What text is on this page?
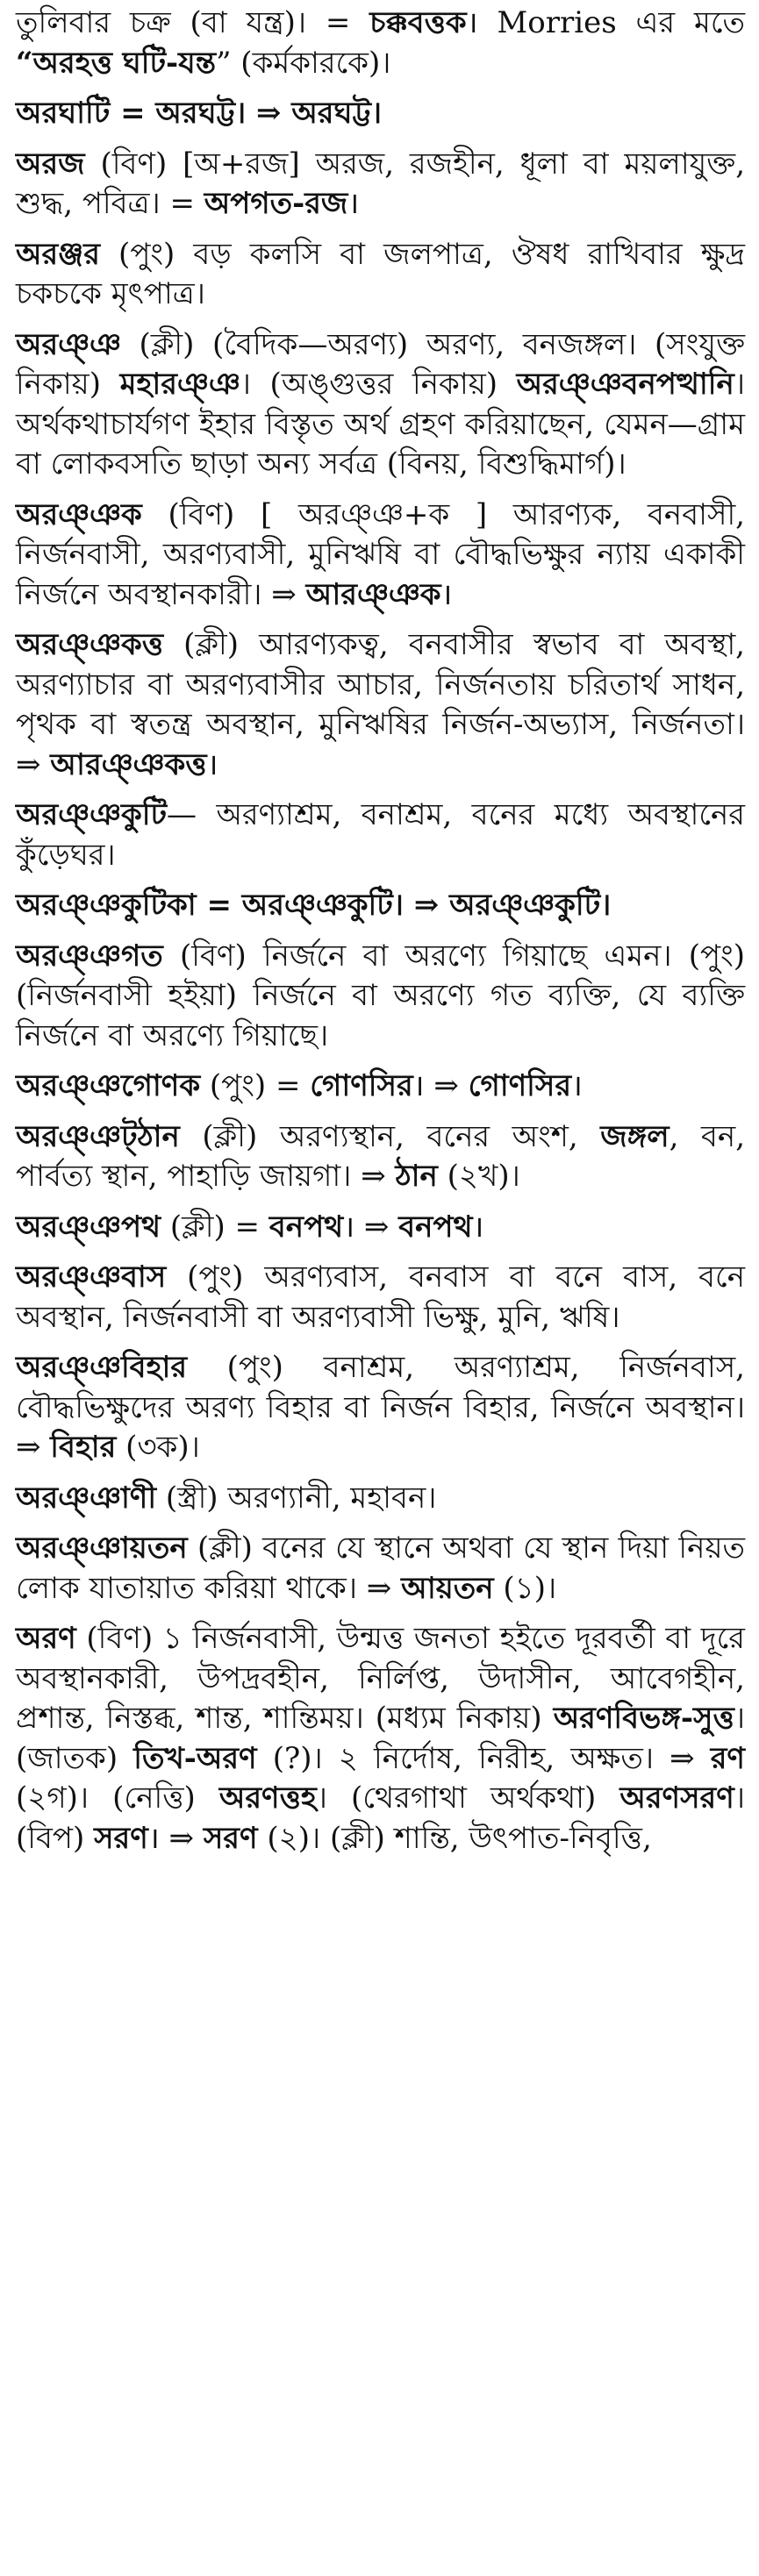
তুলিবার চক্র (বা যন্ত্র)। = চক্কবত্তক। Morries এর মতে “অরহত্ত ঘটি-যন্ত” (কর্মকারকে)।
অরঘাটি = অরঘট্ট। ⇒ অরঘট্ট।
অরজ (বিণ) [অ+রজ] অরজ, রজহীন, ধূলা বা ময়লাযুক্ত, শুদ্ধ, পবিত্র। = অপগত-রজ।
অরঞ্জর (পুং) বড় কলসি বা জলপাত্র, ঔষধ রাখিবার ক্ষুদ্র চকচকে মৃৎপাত্র।
অরঞ্ঞ (ক্লী) (বৈদিক—অরণ্য) অরণ্য, বনজঙ্গল। (সংযুক্ত নিকায়) মহারঞ্ঞ। (অঙ্গুত্তর নিকায়) অরঞ্ঞবনপত্থানি। অর্থকথাচার্যগণ ইহার বিস্তৃত অর্থ গ্রহণ করিয়াছেন, যেমন—গ্রাম বা লোকবসতি ছাড়া অন্য সর্বত্র (বিনয়, বিশুদ্ধিমার্গ)।
অরঞ্ঞক (বিণ) [ অরঞ্ঞ+ক ] আরণ্যক, বনবাসী, নির্জনবাসী, অরণ্যবাসী, মুনিঋষি বা বৌদ্ধভিক্ষুর ন্যায় একাকী নির্জনে অবস্থানকারী। ⇒ আরঞ্ঞক।
অরঞ্ঞকত্ত (ক্লী) আরণ্যকত্ব, বনবাসীর স্বভাব বা অবস্থা, অরণ্যাচার বা অরণ্যবাসীর আচার, নির্জনতায় চরিতার্থ সাধন, পৃথক বা স্বতন্ত্র অবস্থান, মুনিঋষির নির্জন-অভ্যাস, নির্জনতা। ⇒ আরঞ্ঞকত্ত।
অরঞ্ঞকুটি— অরণ্যাশ্রম, বনাশ্রম, বনের মধ্যে অবস্থানের কুঁড়েঘর।
অরঞ্ঞকুটিকা = অরঞ্ঞকুটি। ⇒ অরঞ্ঞকুটি।
অরঞ্ঞগত (বিণ) নির্জনে বা অরণ্যে গিয়াছে এমন। (পুং) (নির্জনবাসী হইয়া) নির্জনে বা অরণ্যে গত ব্যক্তি, যে ব্যক্তি নির্জনে বা অরণ্যে গিয়াছে।
অরঞ্ঞগোণক (পুং) = গোণসির। ⇒ গোণসির।
অরঞ্ঞট্‌ঠান (ক্লী) অরণ্যস্থান, বনের অংশ, জঙ্গল, বন, পার্বত্য স্থান, পাহাড়ি জায়গা। ⇒ ঠান (২খ)।
অরঞ্ঞপথ (ক্লী) = বনপথ। ⇒ বনপথ।
অরঞ্ঞবাস (পুং) অরণ্যবাস, বনবাস বা বনে বাস, বনে অবস্থান, নির্জনবাসী বা অরণ্যবাসী ভিক্ষু, মুনি, ঋষি।
অরঞ্ঞবিহার (পুং) বনাশ্রম, অরণ্যাশ্রম, নির্জনবাস, বৌদ্ধভিক্ষুদের অরণ্য বিহার বা নির্জন বিহার, নির্জনে অবস্থান। ⇒ বিহার (৩ক)।
অরঞ্ঞাণী (স্ত্রী) অরণ্যানী, মহাবন।
অরঞ্ঞায়তন (ক্লী) বনের যে স্থানে অথবা যে স্থান দিয়া নিয়ত লোক যাতায়াত করিয়া থাকে। ⇒ আয়তন (১)।
অরণ (বিণ) ১ নির্জনবাসী, উন্মত্ত জনতা হইতে দূরবর্তী বা দূরে অবস্থানকারী, উপদ্রবহীন, নির্লিপ্ত, উদাসীন, আবেগহীন, প্রশান্ত, নিস্তব্ধ, শান্ত, শান্তিময়। (মধ্যম নিকায়) অরণবিভঙ্গ-সুত্ত। (জাতক) তিখ-অরণ (?)। ২ নির্দোষ, নিরীহ, অক্ষত। ⇒ রণ (২গ)। (নেত্তি) অরণত্তহ। (থেরগাথা অর্থকথা) অরণসরণ। (বিপ) সরণ। ⇒ সরণ (২)। (ক্লী) শান্তি, উৎপাত-নিবৃত্তি,
